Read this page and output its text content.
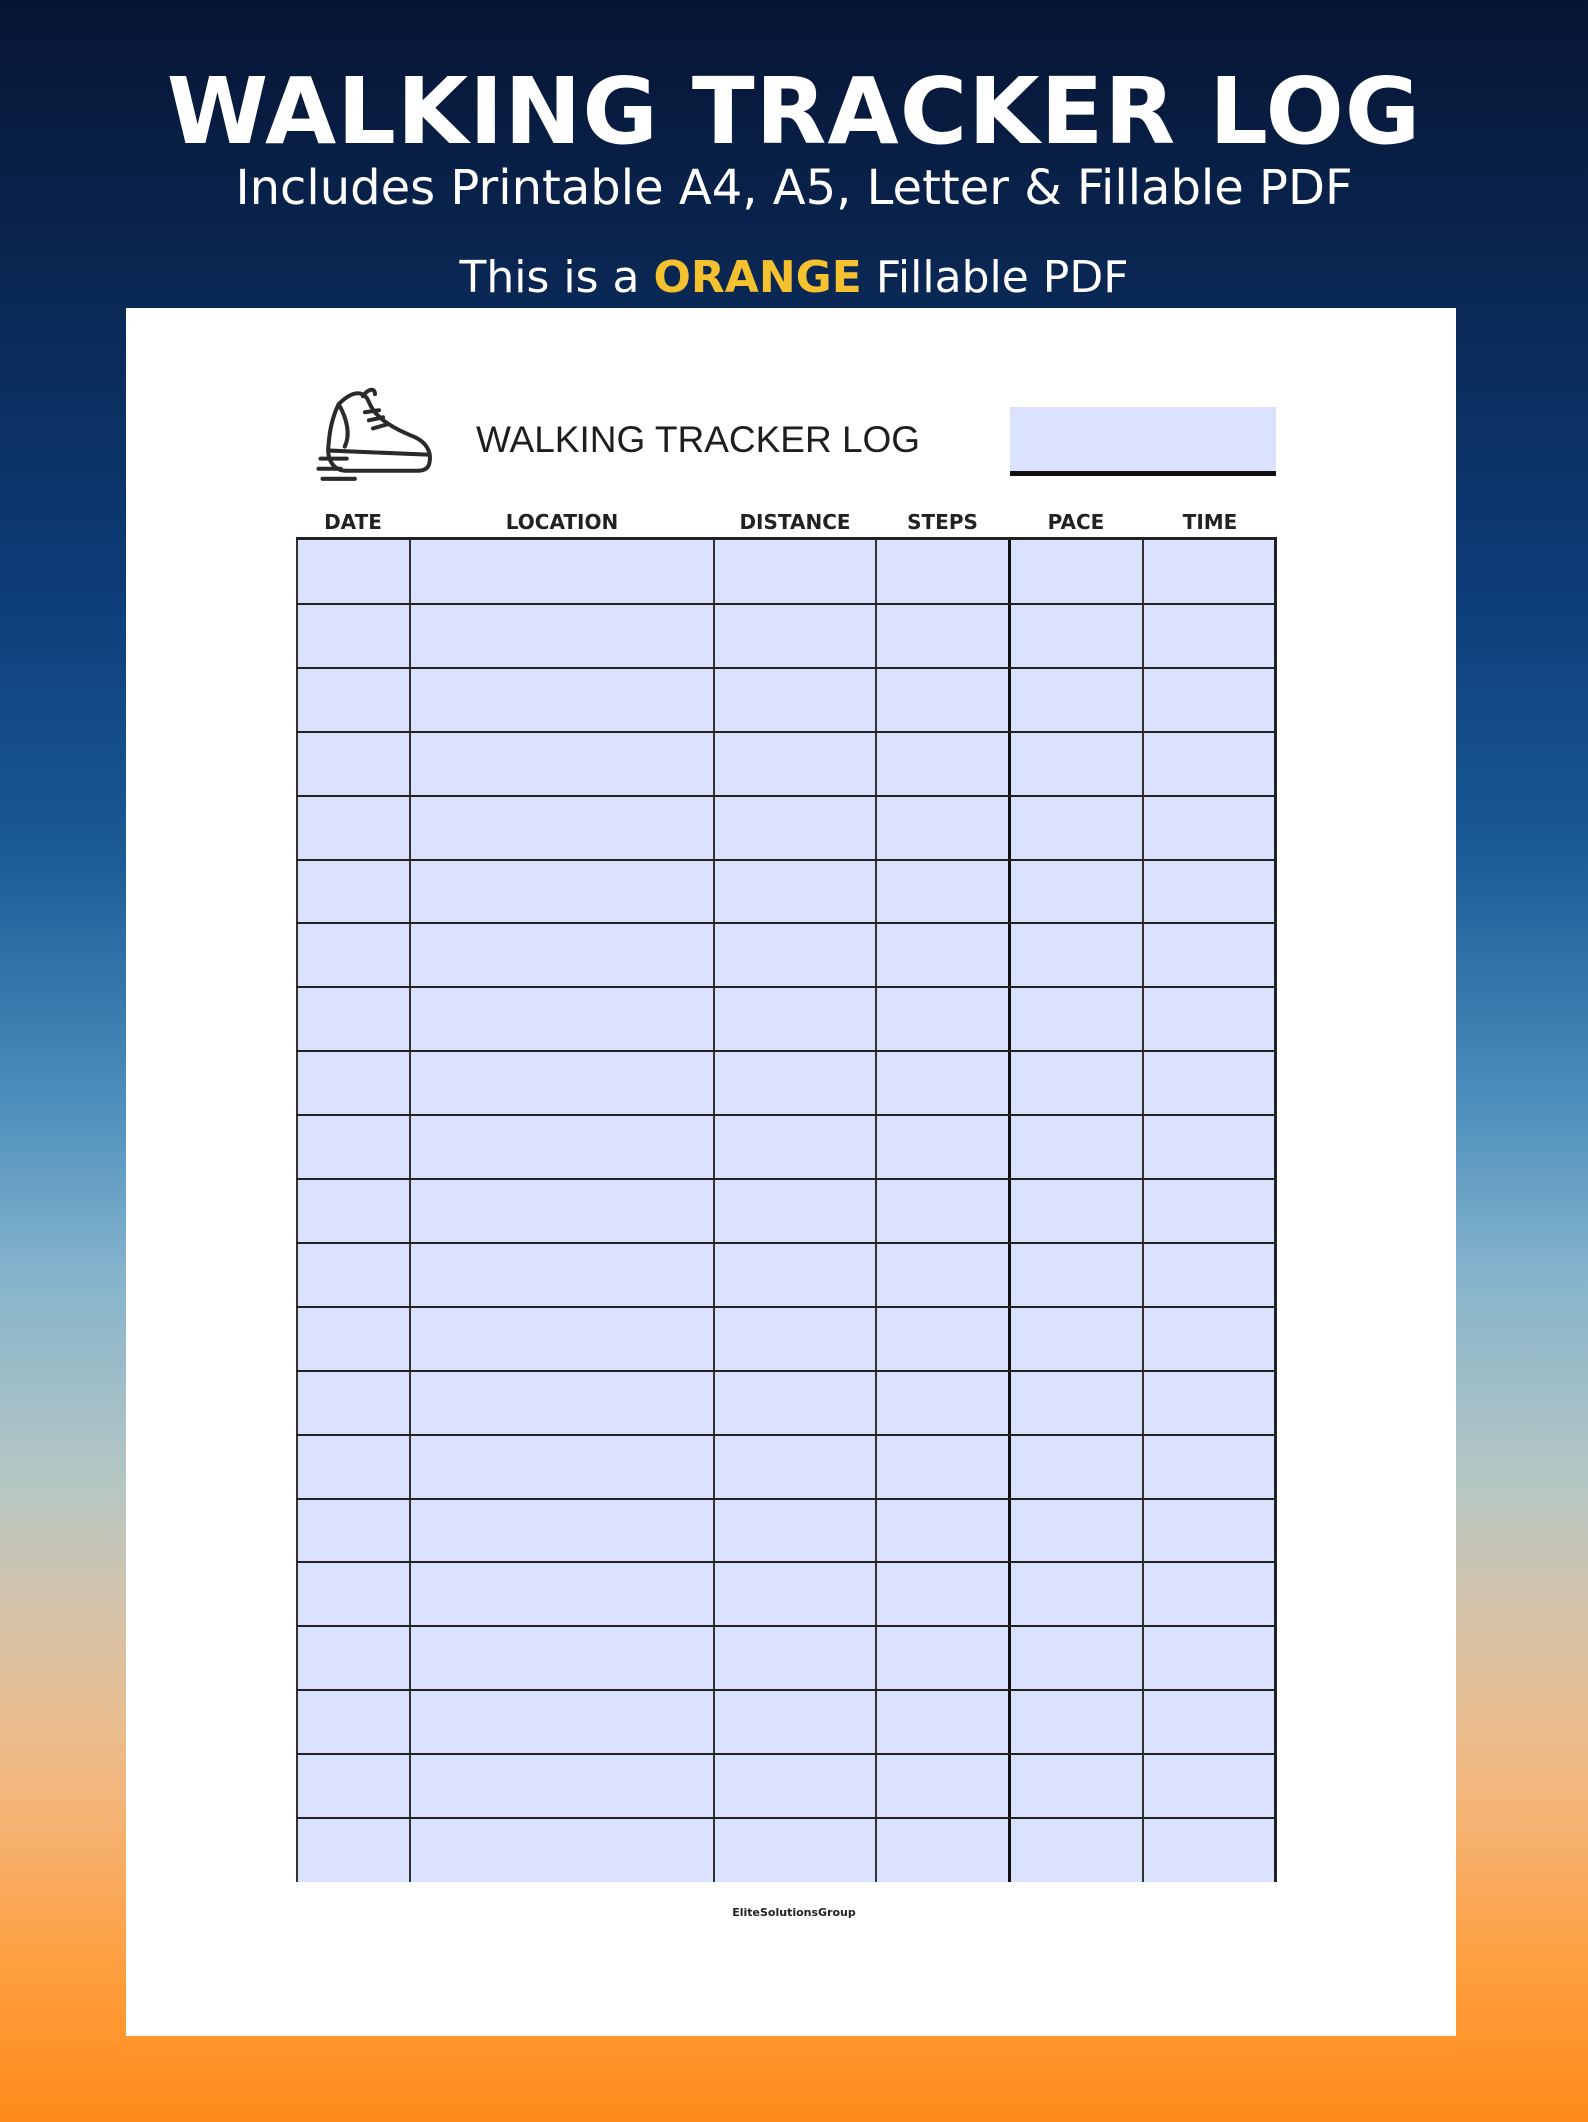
WALKING TRACKER LOG
Includes Printable A4, A5, Letter & Fillable PDF
This is a ORANGE Fillable PDF
WALKING TRACKER LOG
DATE	LOCATION	DISTANCE	STEPS	PACE	TIME
EliteSolutionsGroup
